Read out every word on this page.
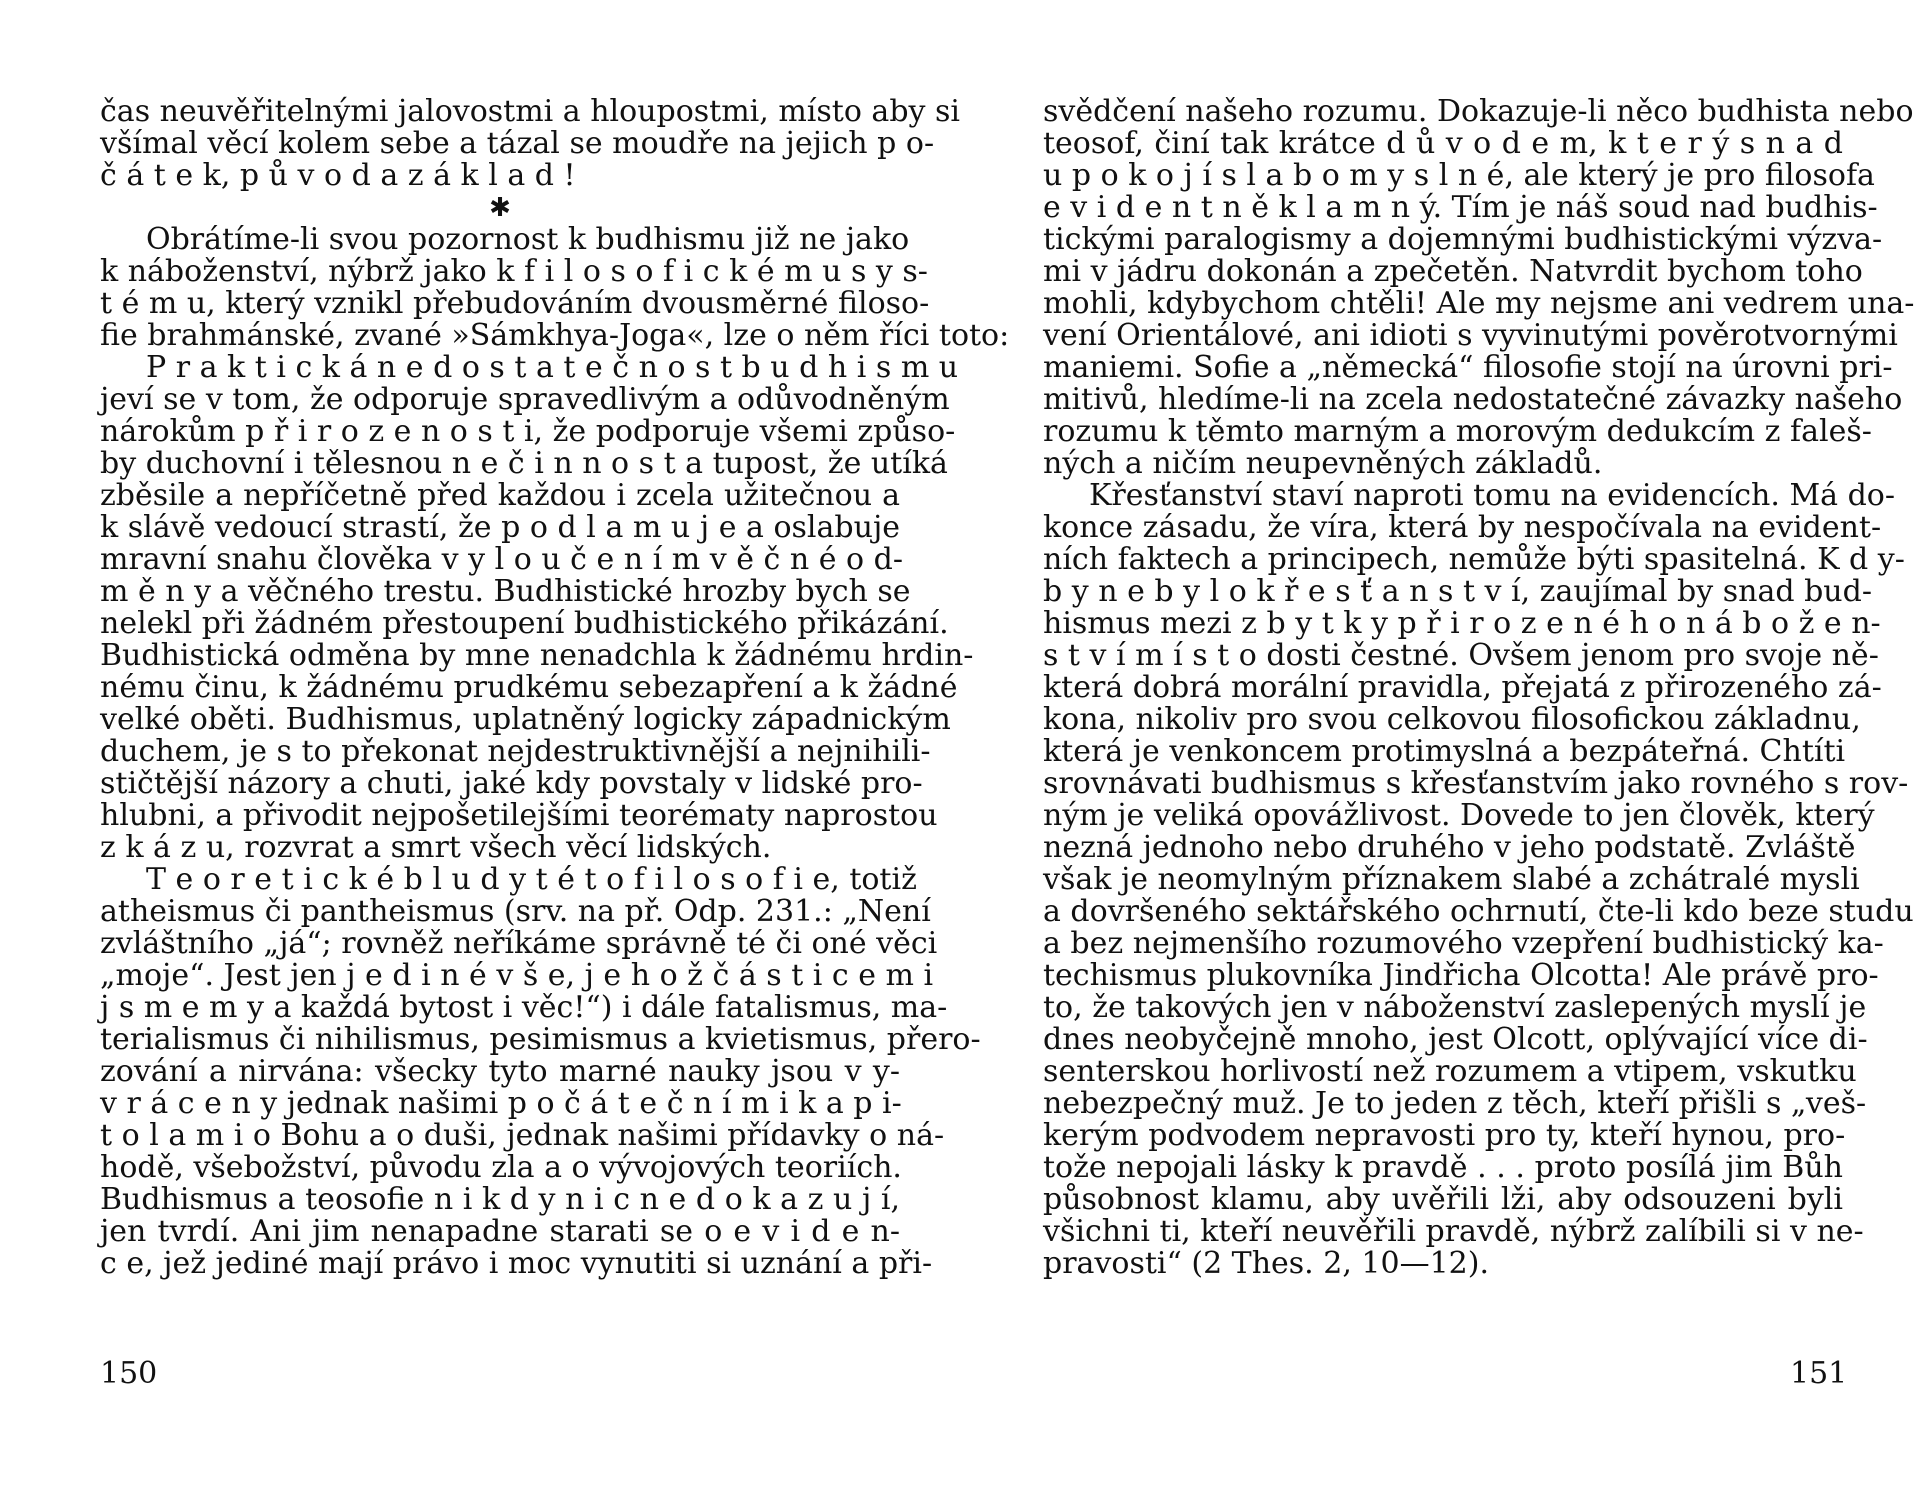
čas neuvěřitelnými jalovostmi a hloupostmi, místo aby si
všímal věcí kolem sebe a tázal se moudře na jejich p o-
č á t e k, p ů v o d a z á k l a d !
✱
Obrátíme-li svou pozornost k budhismu již ne jako
k náboženství, nýbrž jako k f i l o s o f i c k é m u s y s-
t é m u, který vznikl přebudováním dvousměrné filoso-
fie brahmánské, zvané »Sámkhya-Joga«, lze o něm říci toto:
P r a k t i c k á n e d o s t a t e č n o s t b u d h i s m u
jeví se v tom, že odporuje spravedlivým a odůvodněným
nárokům p ř i r o z e n o s t i, že podporuje všemi způso-
by duchovní i tělesnou n e č i n n o s t a tupost, že utíká
zběsile a nepříčetně před každou i zcela užitečnou a
k slávě vedoucí strastí, že p o d l a m u j e a oslabuje
mravní snahu člověka v y l o u č e n í m v ě č n é o d-
m ě n y a věčného trestu. Budhistické hrozby bych se
nelekl při žádném přestoupení budhistického přikázání.
Budhistická odměna by mne nenadchla k žádnému hrdin-
nému činu, k žádnému prudkému sebezapření a k žádné
velké oběti. Budhismus, uplatněný logicky západnickým
duchem, je s to překonat nejdestruktivnější a nejnihili-
stičtější názory a chuti, jaké kdy povstaly v lidské pro-
hlubni, a přivodit nejpošetilejšími teorématy naprostou
z k á z u, rozvrat a smrt všech věcí lidských.
T e o r e t i c k é b l u d y t é t o f i l o s o f i e, totiž
atheismus či pantheismus (srv. na př. Odp. 231.: „Není
zvláštního „já“; rovněž neříkáme správně té či oné věci
„moje“. Jest jen j e d i n é v š e, j e h o ž č á s t i c e m i
j s m e m y a každá bytost i věc!“) i dále fatalismus, ma-
terialismus či nihilismus, pesimismus a kvietismus, přero-
zování a nirvána: všecky tyto marné nauky jsou v y-
v r á c e n y jednak našimi p o č á t e č n í m i k a p i-
t o l a m i o Bohu a o duši, jednak našimi přídavky o ná-
hodě, všebožství, původu zla a o vývojových teoriích.
Budhismus a teosofie n i k d y n i c n e d o k a z u j í,
jen tvrdí. Ani jim nenapadne starati se o e v i d e n-
c e, jež jediné mají právo i moc vynutiti si uznání a při-
svědčení našeho rozumu. Dokazuje-li něco budhista nebo
teosof, činí tak krátce d ů v o d e m, k t e r ý s n a d
u p o k o j í s l a b o m y s l n é, ale který je pro filosofa
e v i d e n t n ě k l a m n ý. Tím je náš soud nad budhis-
tickými paralogismy a dojemnými budhistickými výzva-
mi v jádru dokonán a zpečetěn. Natvrdit bychom toho
mohli, kdybychom chtěli! Ale my nejsme ani vedrem una-
vení Orientálové, ani idioti s vyvinutými pověrotvornými
maniemi. Sofie a „německá“ filosofie stojí na úrovni pri-
mitivů, hledíme-li na zcela nedostatečné závazky našeho
rozumu k těmto marným a morovým dedukcím z faleš-
ných a ničím neupevněných základů.
Křesťanství staví naproti tomu na evidencích. Má do-
konce zásadu, že víra, která by nespočívala na evident-
ních faktech a principech, nemůže býti spasitelná. K d y-
b y n e b y l o k ř e s ť a n s t v í, zaujímal by snad bud-
hismus mezi z b y t k y p ř i r o z e n é h o n á b o ž e n-
s t v í m í s t o dosti čestné. Ovšem jenom pro svoje ně-
která dobrá morální pravidla, přejatá z přirozeného zá-
kona, nikoliv pro svou celkovou filosofickou základnu,
která je venkoncem protimyslná a bezpáteřná. Chtíti
srovnávati budhismus s křesťanstvím jako rovného s rov-
ným je veliká opovážlivost. Dovede to jen člověk, který
nezná jednoho nebo druhého v jeho podstatě. Zvláště
však je neomylným příznakem slabé a zchátralé mysli
a dovršeného sektářského ochrnutí, čte-li kdo beze studu
a bez nejmenšího rozumového vzepření budhistický ka-
techismus plukovníka Jindřicha Olcotta! Ale právě pro-
to, že takových jen v náboženství zaslepených myslí je
dnes neobyčejně mnoho, jest Olcott, oplývající více di-
senterskou horlivostí než rozumem a vtipem, vskutku
nebezpečný muž. Je to jeden z těch, kteří přišli s „veš-
kerým podvodem nepravosti pro ty, kteří hynou, pro-
tože nepojali lásky k pravdě . . . proto posílá jim Bůh
působnost klamu, aby uvěřili lži, aby odsouzeni byli
všichni ti, kteří neuvěřili pravdě, nýbrž zalíbili si v ne-
pravosti“ (2 Thes. 2, 10—12).
150	151
